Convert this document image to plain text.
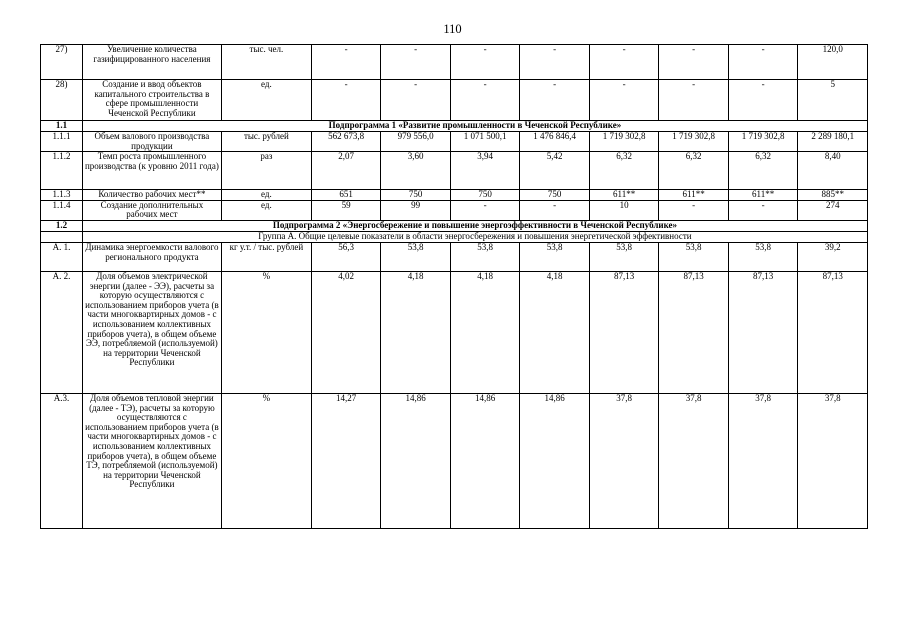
110
27)	Увеличение количества газифицированного населения	тыс. чел.	-	-	-	-	-	-	-	120,0
28)	Создание и ввод объектов капитального строительства в сфере промышленности Чеченской Республики	ед.	-	-	-	-	-	-	-	5
1.1	Подпрограмма 1 «Развитие промышленности в Чеченской Республике»									
1.1.1	Объем валового производства продукции	тыс. рублей	562 673,8	979 556,0	1 071 500,1	1 476 846,4	1 719 302,8	1 719 302,8	1 719 302,8	2 289 180,1
1.1.2	Темп роста промышленного производства (к уровню 2011 года)	раз	2,07	3,60	3,94	5,42	6,32	6,32	6,32	8,40
1.1.3	Количество рабочих мест**	ед.	651	750	750	750	611**	611**	611**	885**
1.1.4	Создание дополнительных рабочих мест	ед.	59	99	-	-	10	-	-	274
1.2	Подпрограмма 2 «Энергосбережение и повышение энергоэффективности в Чеченской Республике»									
	Группа А. Общие целевые показатели в области энергосбережения и повышения энергетической эффективности									
А. 1.	Динамика энергоемкости валового регионального продукта	кг у.т. / тыс. рублей	56,3	53,8	53,8	53,8	53,8	53,8	53,8	39,2
А. 2.	Доля объемов электрической энергии (далее - ЭЭ), расчеты за которую осуществляются с использованием приборов учета (в части многоквартирных домов - с использованием коллективных приборов учета), в общем объеме ЭЭ, потребляемой (используемой) на территории Чеченской Республики	%	4,02	4,18	4,18	4,18	87,13	87,13	87,13	87,13
А.3.	Доля объемов тепловой энергии (далее - ТЭ), расчеты за которую осуществляются с использованием приборов учета (в части многоквартирных домов - с использованием коллективных приборов учета), в общем объеме ТЭ, потребляемой (используемой) на территории Чеченской Республики	%	14,27	14,86	14,86	14,86	37,8	37,8	37,8	37,8
